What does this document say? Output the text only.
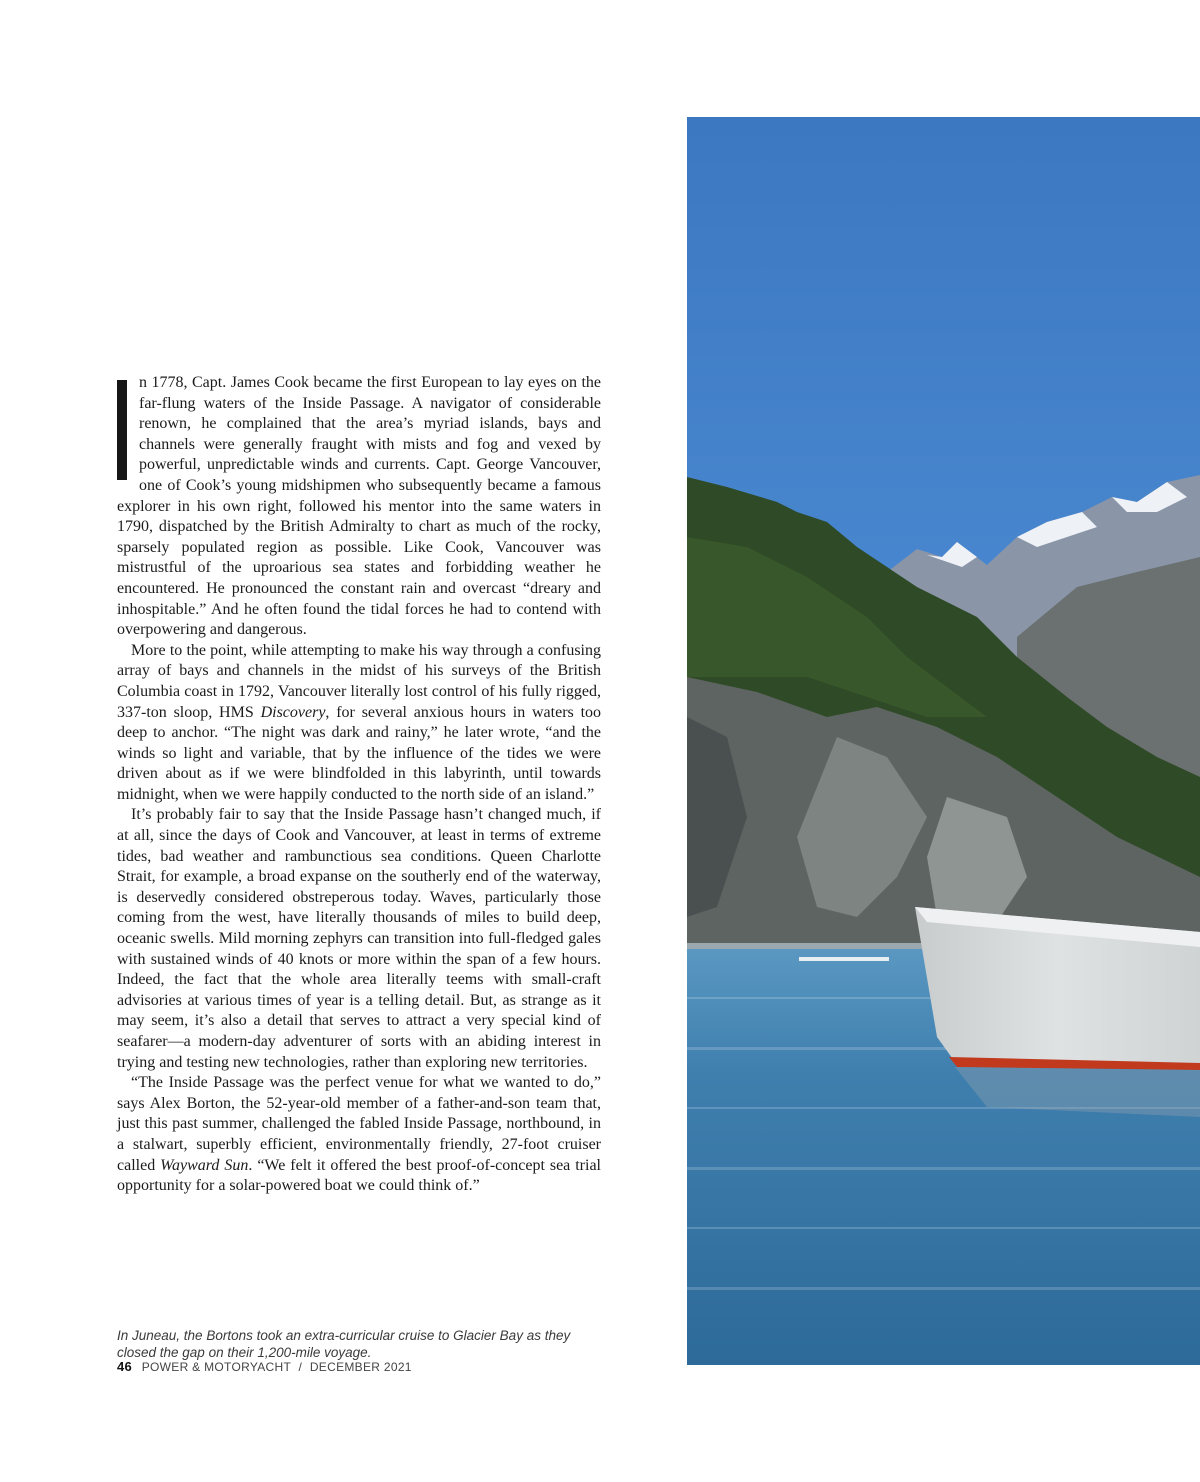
n 1778, Capt. James Cook became the first European to lay eyes on the far-flung waters of the Inside Passage. A navigator of considerable renown, he complained that the area’s myriad islands, bays and channels were generally fraught with mists and fog and vexed by powerful, unpredictable winds and currents. Capt. George Vancouver, one of Cook’s young midshipmen who subsequently became a famous explorer in his own right, followed his mentor into the same waters in 1790, dispatched by the British Admiralty to chart as much of the rocky, sparsely populated region as possible. Like Cook, Vancouver was mistrustful of the uproarious sea states and forbidding weather he encountered. He pronounced the constant rain and overcast “dreary and inhospitable.” And he often found the tidal forces he had to contend with overpowering and dangerous.

More to the point, while attempting to make his way through a confusing array of bays and channels in the midst of his surveys of the British Columbia coast in 1792, Vancouver literally lost control of his fully rigged, 337-ton sloop, HMS Discovery, for several anxious hours in waters too deep to anchor. “The night was dark and rainy,” he later wrote, “and the winds so light and variable, that by the influence of the tides we were driven about as if we were blindfolded in this labyrinth, until towards midnight, when we were happily conducted to the north side of an island.”

It’s probably fair to say that the Inside Passage hasn’t changed much, if at all, since the days of Cook and Vancouver, at least in terms of extreme tides, bad weather and rambunctious sea conditions. Queen Charlotte Strait, for example, a broad expanse on the southerly end of the waterway, is deservedly considered obstreperous today. Waves, particularly those coming from the west, have literally thousands of miles to build deep, oceanic swells. Mild morning zephyrs can transition into full-fledged gales with sustained winds of 40 knots or more within the span of a few hours. Indeed, the fact that the whole area literally teems with small-craft advisories at various times of year is a telling detail. But, as strange as it may seem, it’s also a detail that serves to attract a very special kind of seafarer—a modern-day adventurer of sorts with an abiding interest in trying and testing new technologies, rather than exploring new territories.

“The Inside Passage was the perfect venue for what we wanted to do,” says Alex Borton, the 52-year-old member of a father-and-son team that, just this past summer, challenged the fabled Inside Passage, northbound, in a stalwart, superbly efficient, environmentally friendly, 27-foot cruiser called Wayward Sun. “We felt it offered the best proof-of-concept sea trial opportunity for a solar-powered boat we could think of.”

In Juneau, the Bortons took an extra-curricular cruise to Glacier Bay as they closed the gap on their 1,200-mile voyage.
46 POWER & MOTORYACHT / DECEMBER 2021
